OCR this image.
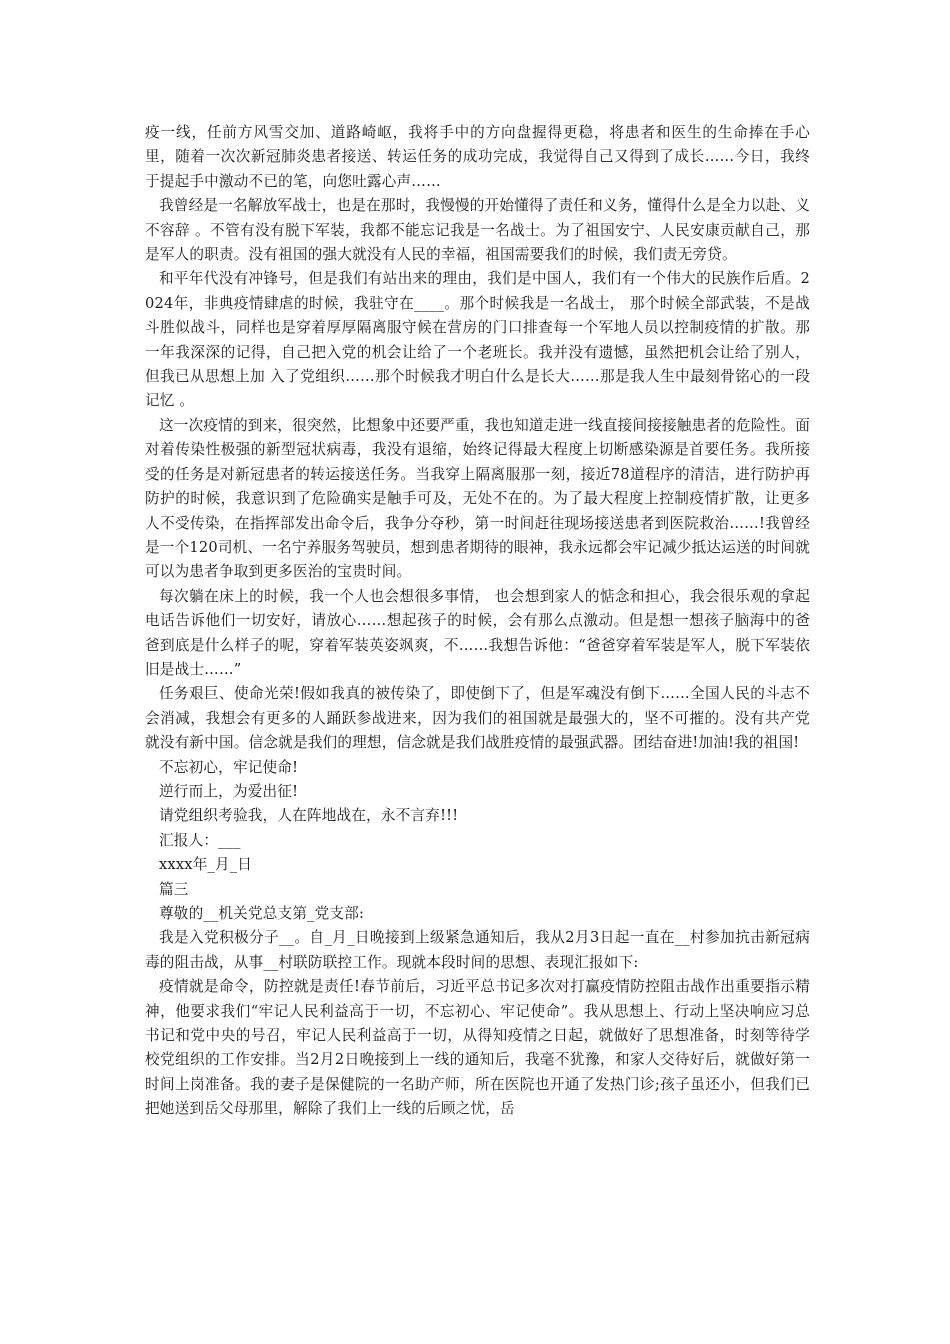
疫一线，任前方风雪交加、道路崎岖，我将手中的方向盘握得更稳，将患者和医生的生命捧在手心里，随着一次次新冠肺炎患者接送、转运任务的成功完成，我觉得自己又得到了成长……今日，我终于提起手中激动不已的笔，向您吐露心声……

我曾经是一名解放军战士，也是在那时，我慢慢的开始懂得了责任和义务，懂得什么是全力以赴、义不容辞 。不管有没有脱下军装，我都不能忘记我是一名战士。为了祖国安宁、人民安康贡献自己，那是军人的职责。没有祖国的强大就没有人民的幸福，祖国需要我们的时候，我们责无旁贷。

和平年代没有冲锋号，但是我们有站出来的理由，我们是中国人，我们有一个伟大的民族作后盾。2024年，非典疫情肆虐的时候，我驻守在____。那个时候我是一名战士， 那个时候全部武装，不是战斗胜似战斗，同样也是穿着厚厚隔离服守候在营房的门口排查每一个军地人员以控制疫情的扩散。那一年我深深的记得，自己把入党的机会让给了一个老班长。我并没有遗憾，虽然把机会让给了别人，但我已从思想上加 入了党组织……那个时候我才明白什么是长大……那是我人生中最刻骨铭心的一段记忆 。

这一次疫情的到来，很突然，比想象中还要严重，我也知道走进一线直接间接接触患者的危险性。面对着传染性极强的新型冠状病毒，我没有退缩，始终记得最大程度上切断感染源是首要任务。我所接受的任务是对新冠患者的转运接送任务。当我穿上隔离服那一刻，接近78道程序的清洁，进行防护再防护的时候，我意识到了危险确实是触手可及，无处不在的。为了最大程度上控制疫情扩散，让更多人不受传染，在指挥部发出命令后，我争分夺秒，第一时间赶往现场接送患者到医院救治……!我曾经是一个120司机、一名宁养服务驾驶员，想到患者期待的眼神，我永远都会牢记减少抵达运送的时间就可以为患者争取到更多医治的宝贵时间。

每次躺在床上的时候，我一个人也会想很多事情， 也会想到家人的惦念和担心，我会很乐观的拿起电话告诉他们一切安好，请放心……想起孩子的时候，会有那么点激动。但是想一想孩子脑海中的爸爸到底是什么样子的呢，穿着军装英姿飒爽，不……我想告诉他：“爸爸穿着军装是军人，脱下军装依旧是战士……”

任务艰巨、使命光荣!假如我真的被传染了，即使倒下了，但是军魂没有倒下……全国人民的斗志不会消减，我想会有更多的人踊跃参战进来，因为我们的祖国就是最强大的，坚不可摧的。没有共产党就没有新中国。信念就是我们的理想，信念就是我们战胜疫情的最强武器。团结奋进!加油!我的祖国!

不忘初心，牢记使命!

逆行而上，为爱出征!

请党组织考验我，人在阵地战在，永不言弃!!!

汇报人：___

xxxx年_月_日

篇三

尊敬的__机关党总支第_党支部:

我是入党积极分子__。自_月_日晚接到上级紧急通知后，我从2月3日起一直在__村参加抗击新冠病毒的阻击战，从事__村联防联控工作。现就本段时间的思想、表现汇报如下:

疫情就是命令，防控就是责任!春节前后，习近平总书记多次对打赢疫情防控阻击战作出重要指示精神，他要求我们“牢记人民利益高于一切，不忘初心、牢记使命”。我从思想上、行动上坚决响应习总书记和党中央的号召，牢记人民利益高于一切，从得知疫情之日起，就做好了思想准备，时刻等待学校党组织的工作安排。当2月2日晚接到上一线的通知后，我毫不犹豫，和家人交待好后，就做好第一时间上岗准备。我的妻子是保健院的一名助产师，所在医院也开通了发热门诊;孩子虽还小，但我们已把她送到岳父母那里，解除了我们上一线的后顾之忧，岳
